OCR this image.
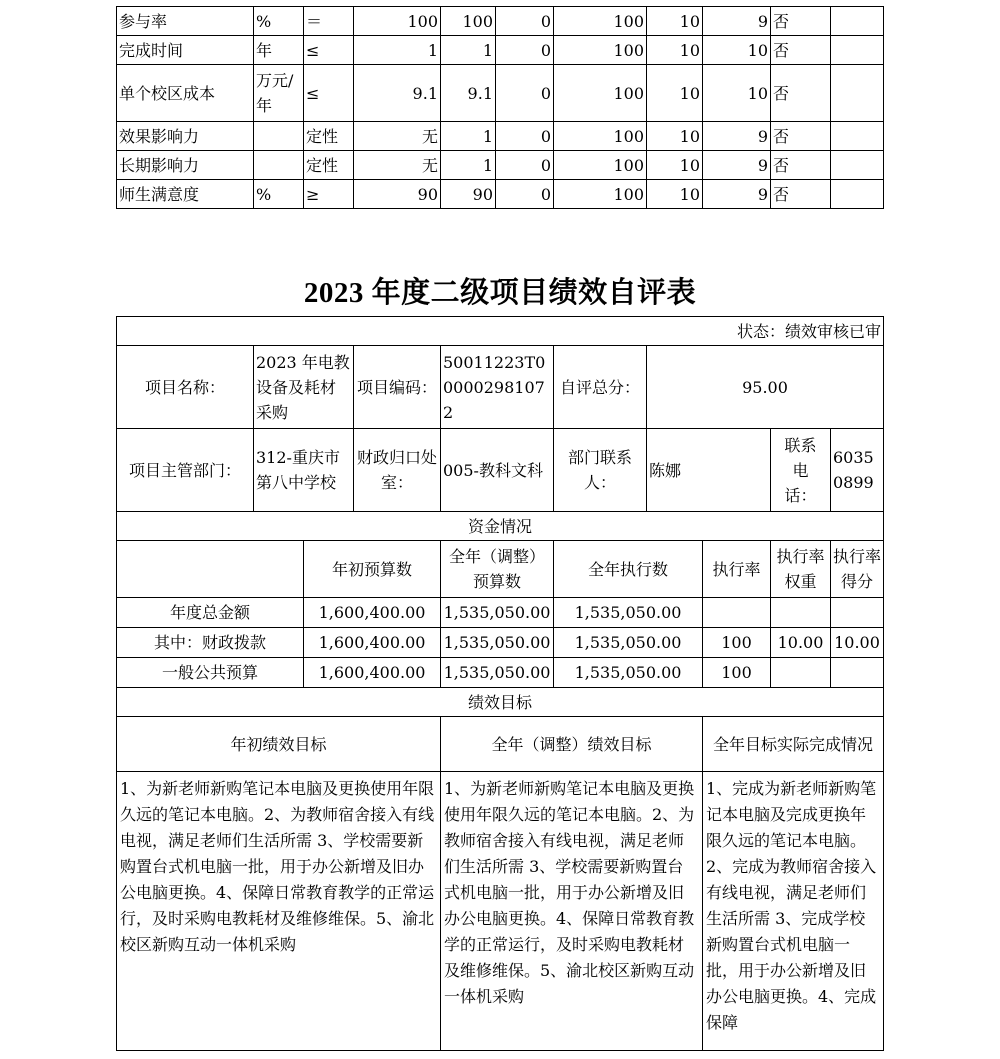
参与率	%	＝	100	100	0	100	10	9	否	
完成时间	年	≤	1	1	0	100	10	10	否	
单个校区成本	万元/年	≤	9.1	9.1	0	100	10	10	否	
效果影响力		定性	无	1	0	100	10	9	否	
长期影响力		定性	无	1	0	100	10	9	否	
师生满意度	%	≥	90	90	0	100	10	9	否	
2023 年度二级项目绩效自评表
状态：绩效审核已审									
项目名称：	2023 年电教设备及耗材采购		项目编码：	50011223T000002981072	自评总分：	95.00			
项目主管部门：	312-重庆市第八中学校		财政归口处室：	005-教科文科	部门联系人：	陈娜		联系电话：	60350899
资金情况									
		年初预算数		全年（调整）预算数	全年执行数		执行率	执行率权重	执行率得分
年度总金额		1,600,400.00		1,535,050.00	1,535,050.00				
其中：财政拨款		1,600,400.00		1,535,050.00	1,535,050.00		100	10.00	10.00
一般公共预算		1,600,400.00		1,535,050.00	1,535,050.00		100		
绩效目标									
年初绩效目标				全年（调整）绩效目标			全年目标实际完成情况		
1、为新老师新购笔记本电脑及更换使用年限久远的笔记本电脑。2、为教师宿舍接入有线电视，满足老师们生活所需 3、学校需要新购置台式机电脑一批，用于办公新增及旧办公电脑更换。4、保障日常教育教学的正常运行，及时采购电教耗材及维修维保。5、渝北校区新购互动一体机采购				1、为新老师新购笔记本电脑及更换使用年限久远的笔记本电脑。2、为教师宿舍接入有线电视，满足老师们生活所需 3、学校需要新购置台式机电脑一批，用于办公新增及旧办公电脑更换。4、保障日常教育教学的正常运行，及时采购电教耗材及维修维保。5、渝北校区新购互动一体机采购			1、完成为新老师新购笔记本电脑及完成更换年限久远的笔记本电脑。2、完成为教师宿舍接入有线电视，满足老师们生活所需 3、完成学校新购置台式机电脑一批，用于办公新增及旧办公电脑更换。4、完成保障		
